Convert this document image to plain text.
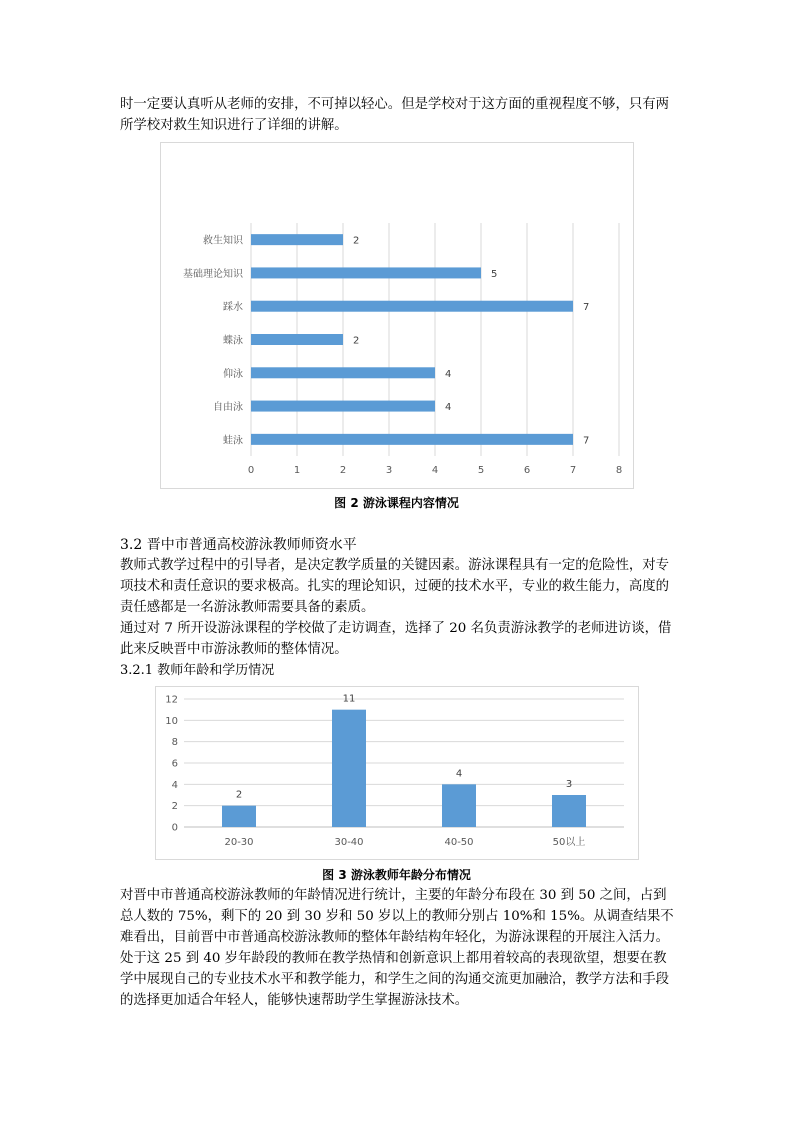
时一定要认真听从老师的安排，不可掉以轻心。但是学校对于这方面的重视程度不够，只有两所学校对救生知识进行了详细的讲解。

0	1	2	3	4	5	6	7	8
救生知识	2
基础理论知识	5
踩水	7
蝶泳	2
仰泳	4
自由泳	4
蛙泳	7

图 2 游泳课程内容情况

3.2 晋中市普通高校游泳教师师资水平

教师式教学过程中的引导者，是决定教学质量的关键因素。游泳课程具有一定的危险性，对专项技术和责任意识的要求极高。扎实的理论知识，过硬的技术水平，专业的救生能力，高度的责任感都是一名游泳教师需要具备的素质。

通过对 7 所开设游泳课程的学校做了走访调查，选择了 20 名负责游泳教学的老师进访谈，借此来反映晋中市游泳教师的整体情况。

3.2.1 教师年龄和学历情况

0
2
4
6
8
10
12
2
20-30
11
30-40
4
40-50
3
50以上

图 3 游泳教师年龄分布情况

对晋中市普通高校游泳教师的年龄情况进行统计，主要的年龄分布段在 30 到 50 之间，占到总人数的 75%，剩下的 20 到 30 岁和 50 岁以上的教师分别占 10%和 15%。从调查结果不难看出，目前晋中市普通高校游泳教师的整体年龄结构年轻化，为游泳课程的开展注入活力。处于这 25 到 40 岁年龄段的教师在教学热情和创新意识上都用着较高的表现欲望，想要在教学中展现自己的专业技术水平和教学能力，和学生之间的沟通交流更加融洽，教学方法和手段的选择更加适合年轻人，能够快速帮助学生掌握游泳技术。
